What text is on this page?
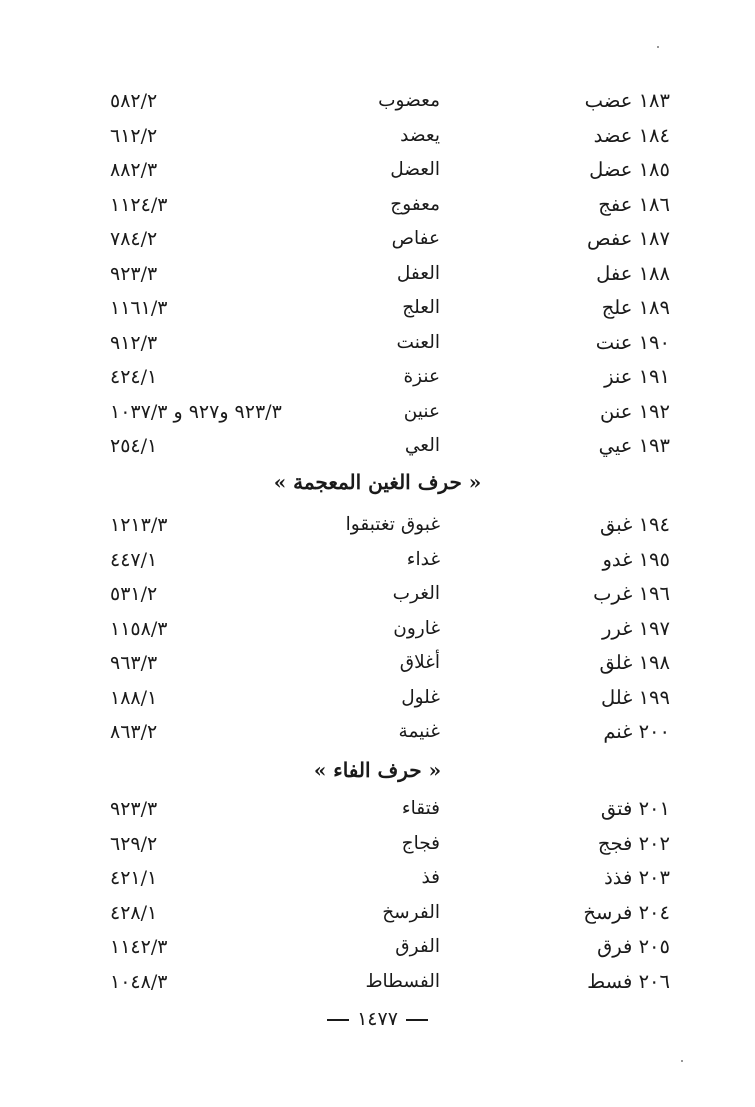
١٨٣ عضب
معضوب
٥٨٢/٢
١٨٤ عضد
يعضد
٦١٢/٢
١٨٥ عضل
العضل
٨٨٢/٣
١٨٦ عفج
معفوج
١١٢٤/٣
١٨٧ عفص
عفاص
٧٨٤/٢
١٨٨ عفل
العفل
٩٢٣/٣
١٨٩ علج
العلج
١١٦١/٣
١٩٠ عنت
العنت
٩١٢/٣
١٩١ عنز
عنزة
٤٢٤/١
١٩٢ عنن
عنين
٩٢٣/٣ و٩٢٧ و ١٠٣٧/٣
١٩٣ عيي
العي
٢٥٤/١
« حرف الغين المعجمة »
١٩٤ غبق
غبوق تغتبقوا
١٢١٣/٣
١٩٥ غدو
غداء
٤٤٧/١
١٩٦ غرب
الغرب
٥٣١/٢
١٩٧ غرر
غارون
١١٥٨/٣
١٩٨ غلق
أغلاق
٩٦٣/٣
١٩٩ غلل
غلول
١٨٨/١
٢٠٠ غنم
غنيمة
٨٦٣/٢
« حرف الفاء »
٢٠١ فتق
فتقاء
٩٢٣/٣
٢٠٢ فجج
فجاج
٦٢٩/٢
٢٠٣ فذذ
فذ
٤٢١/١
٢٠٤ فرسخ
الفرسخ
٤٢٨/١
٢٠٥ فرق
الفرق
١١٤٢/٣
٢٠٦ فسط
الفسطاط
١٠٤٨/٣
١٤٧٧
